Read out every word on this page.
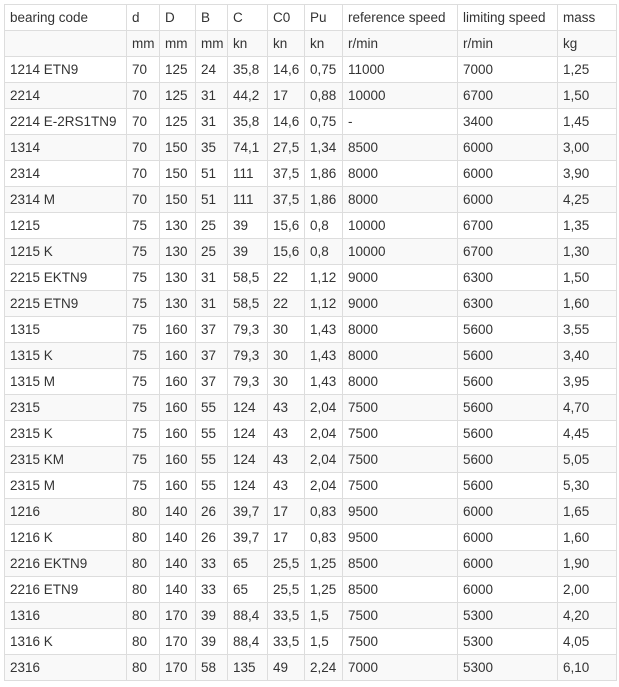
bearing code	d	D	B	C	C0	Pu	reference speed	limiting speed	mass
	mm	mm	mm	kn	kn	kn	r/min	r/min	kg
1214 ETN9	70	125	24	35,8	14,6	0,75	11000	7000	1,25
2214	70	125	31	44,2	17	0,88	10000	6700	1,50
2214 E-2RS1TN9	70	125	31	35,8	14,6	0,75	-	3400	1,45
1314	70	150	35	74,1	27,5	1,34	8500	6000	3,00
2314	70	150	51	111	37,5	1,86	8000	6000	3,90
2314 M	70	150	51	111	37,5	1,86	8000	6000	4,25
1215	75	130	25	39	15,6	0,8	10000	6700	1,35
1215 K	75	130	25	39	15,6	0,8	10000	6700	1,30
2215 EKTN9	75	130	31	58,5	22	1,12	9000	6300	1,50
2215 ETN9	75	130	31	58,5	22	1,12	9000	6300	1,60
1315	75	160	37	79,3	30	1,43	8000	5600	3,55
1315 K	75	160	37	79,3	30	1,43	8000	5600	3,40
1315 M	75	160	37	79,3	30	1,43	8000	5600	3,95
2315	75	160	55	124	43	2,04	7500	5600	4,70
2315 K	75	160	55	124	43	2,04	7500	5600	4,45
2315 KM	75	160	55	124	43	2,04	7500	5600	5,05
2315 M	75	160	55	124	43	2,04	7500	5600	5,30
1216	80	140	26	39,7	17	0,83	9500	6000	1,65
1216 K	80	140	26	39,7	17	0,83	9500	6000	1,60
2216 EKTN9	80	140	33	65	25,5	1,25	8500	6000	1,90
2216 ETN9	80	140	33	65	25,5	1,25	8500	6000	2,00
1316	80	170	39	88,4	33,5	1,5	7500	5300	4,20
1316 K	80	170	39	88,4	33,5	1,5	7500	5300	4,05
2316	80	170	58	135	49	2,24	7000	5300	6,10
